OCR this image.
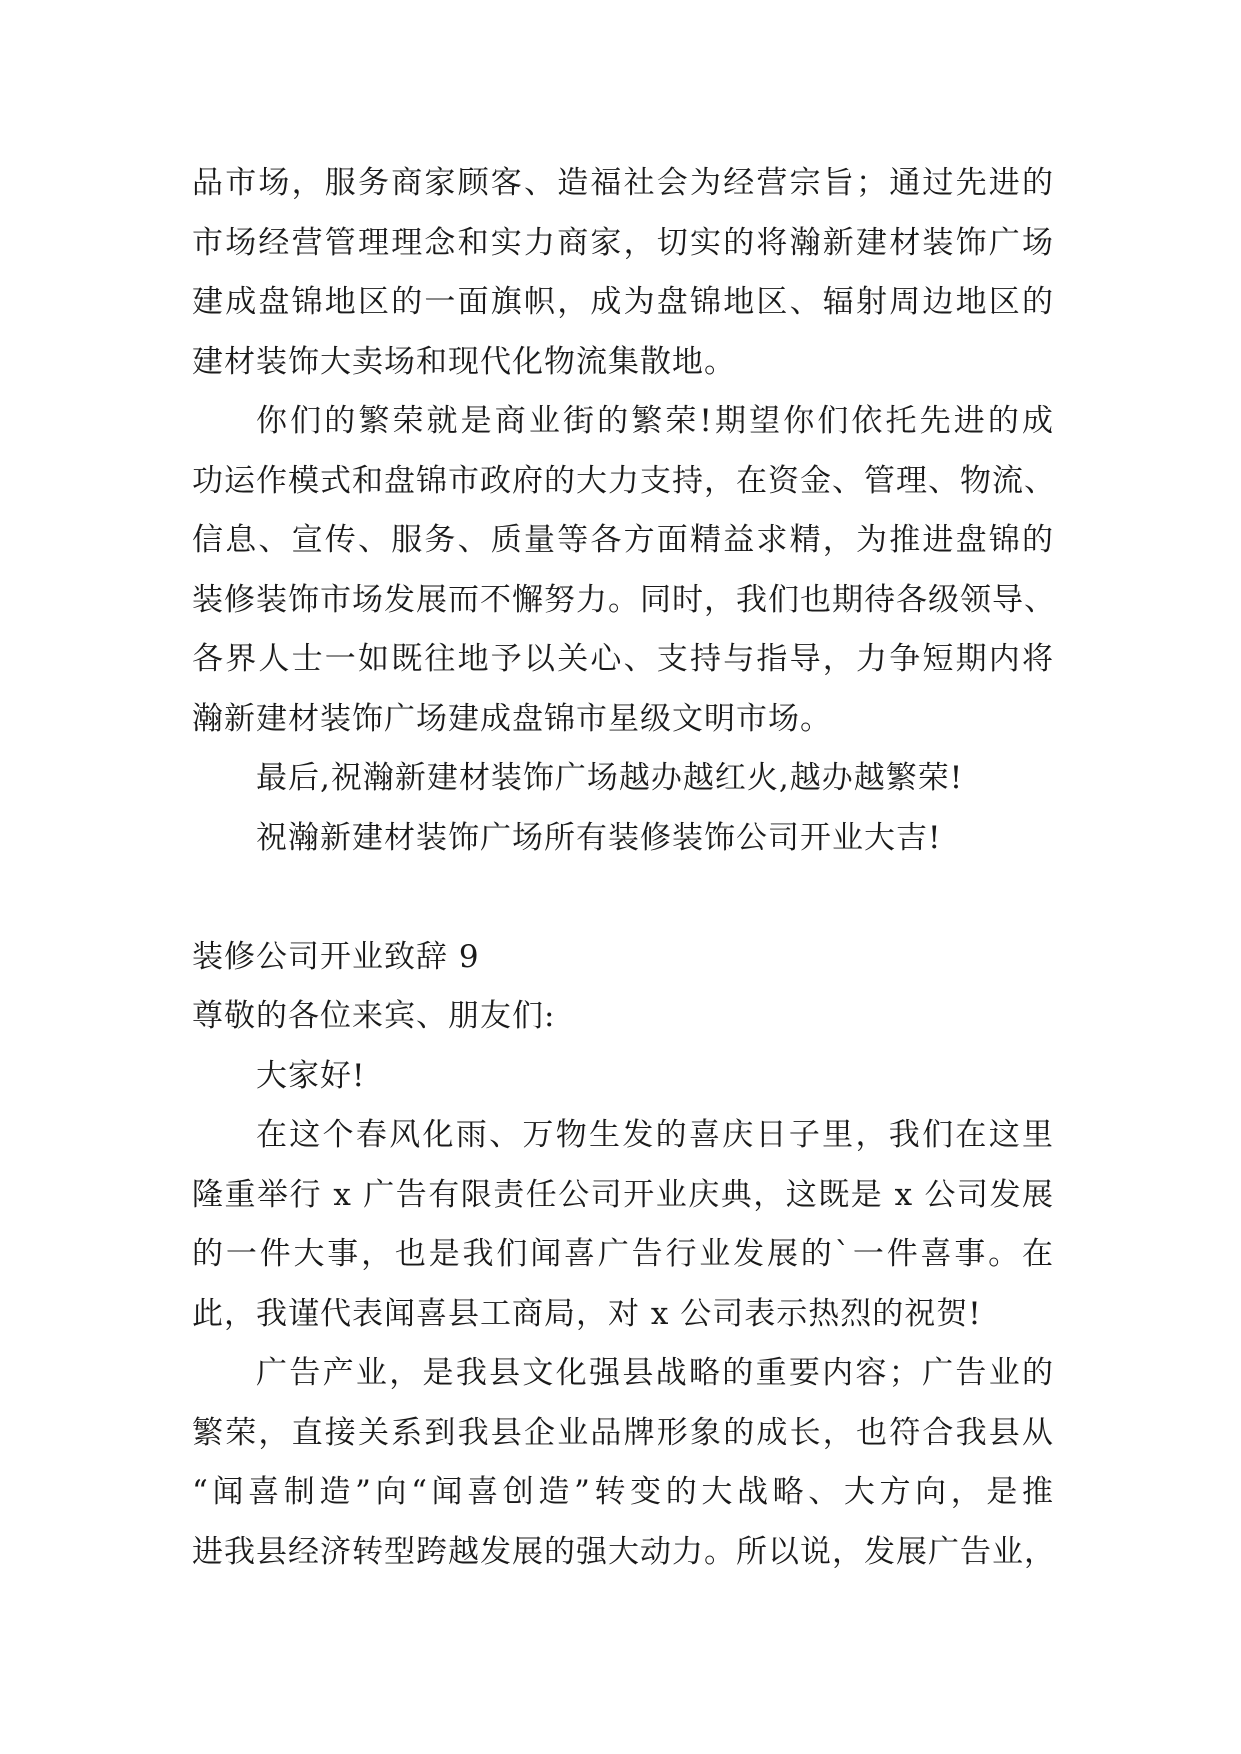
品市场，服务商家顾客、造福社会为经营宗旨；通过先进的
市场经营管理理念和实力商家，切实的将瀚新建材装饰广场
建成盘锦地区的一面旗帜，成为盘锦地区、辐射周边地区的
建材装饰大卖场和现代化物流集散地。
你们的繁荣就是商业街的繁荣!期望你们依托先进的成
功运作模式和盘锦市政府的大力支持，在资金、管理、物流、
信息、宣传、服务、质量等各方面精益求精，为推进盘锦的
装修装饰市场发展而不懈努力。同时，我们也期待各级领导、
各界人士一如既往地予以关心、支持与指导，力争短期内将
瀚新建材装饰广场建成盘锦市星级文明市场。
最后,祝瀚新建材装饰广场越办越红火,越办越繁荣!
祝瀚新建材装饰广场所有装修装饰公司开业大吉!
装修公司开业致辞 9
尊敬的各位来宾、朋友们:
大家好!
在这个春风化雨、万物生发的喜庆日子里，我们在这里
隆重举行 x 广告有限责任公司开业庆典，这既是 x 公司发展
的一件大事，也是我们闻喜广告行业发展的`一件喜事。在
此，我谨代表闻喜县工商局，对 x 公司表示热烈的祝贺!
广告产业，是我县文化强县战略的重要内容；广告业的
繁荣，直接关系到我县企业品牌形象的成长，也符合我县从
“闻喜制造”向“闻喜创造”转变的大战略、大方向，是推
进我县经济转型跨越发展的强大动力。所以说，发展广告业，
